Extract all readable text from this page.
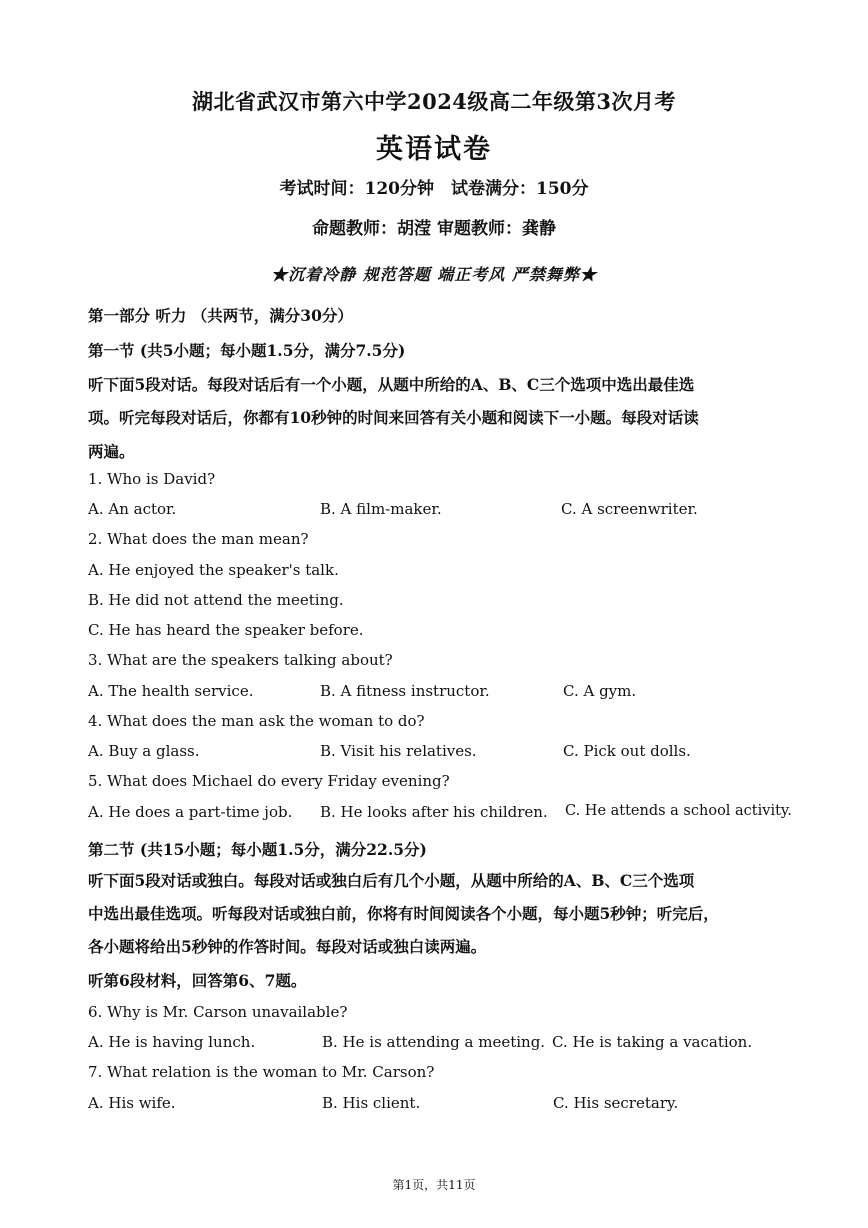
湖北省武汉市第六中学2024级高二年级第3次月考
英语试卷
考试时间：120分钟　试卷满分：150分
命题教师：胡滢 审题教师：龚静
★沉着冷静 规范答题 端正考风 严禁舞弊★
第一部分 听力 （共两节，满分30分）
第一节 (共5小题；每小题1.5分，满分7.5分)
听下面5段对话。每段对话后有一个小题，从题中所给的A、B、C三个选项中选出最佳选
项。听完每段对话后，你都有10秒钟的时间来回答有关小题和阅读下一小题。每段对话读
两遍。
1. Who is David?
A. An actor.	B. A film-maker.	C. A screenwriter.
2. What does the man mean?
A. He enjoyed the speaker's talk.
B. He did not attend the meeting.
C. He has heard the speaker before.
3. What are the speakers talking about?
A. The health service.	B. A fitness instructor.	C. A gym.
4. What does the man ask the woman to do?
A. Buy a glass.	B. Visit his relatives.	C. Pick out dolls.
5. What does Michael do every Friday evening?
A. He does a part-time job. B. He looks after his children. C. He attends a school activity.
第二节 (共15小题；每小题1.5分，满分22.5分)
听下面5段对话或独白。每段对话或独白后有几个小题，从题中所给的A、B、C三个选项
中选出最佳选项。听每段对话或独白前，你将有时间阅读各个小题，每小题5秒钟；听完后，
各小题将给出5秒钟的作答时间。每段对话或独白读两遍。
听第6段材料，回答第6、7题。
6. Why is Mr. Carson unavailable?
A. He is having lunch.	B. He is attending a meeting. C. He is taking a vacation.
7. What relation is the woman to Mr. Carson?
A. His wife.	B. His client.	C. His secretary.
第1页，共11页
